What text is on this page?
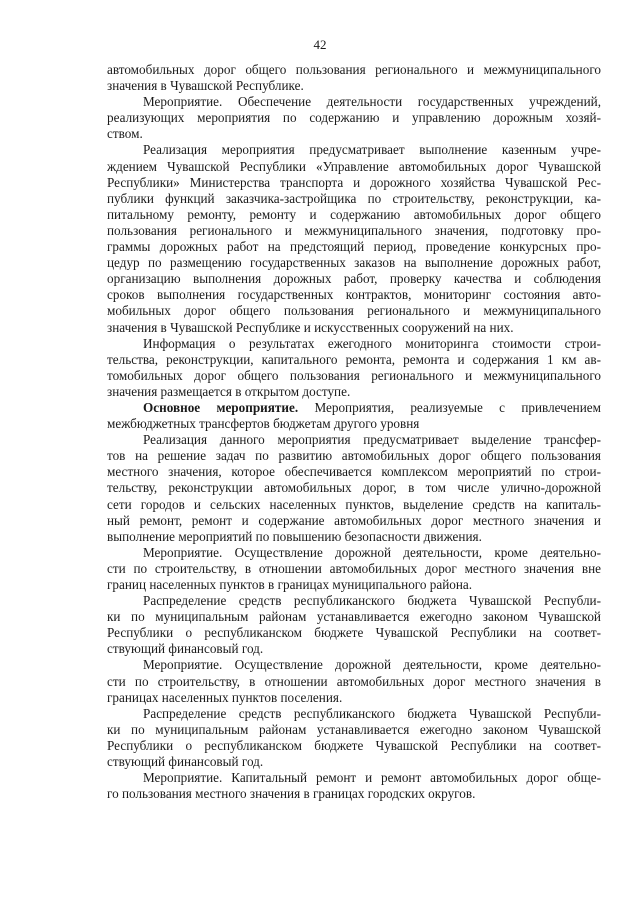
42
автомобильных дорог общего пользования регионального и межмуниципального
значения в Чувашской Республике.
Мероприятие. Обеспечение деятельности государственных учреждений,
реализующих мероприятия по содержанию и управлению дорожным хозяй-
ством.
Реализация мероприятия предусматривает выполнение казенным учре-
ждением Чувашской Республики «Управление автомобильных дорог Чувашской
Республики» Министерства транспорта и дорожного хозяйства Чувашской Рес-
публики функций заказчика-застройщика по строительству, реконструкции, ка-
питальному ремонту, ремонту и содержанию автомобильных дорог общего
пользования регионального и межмуниципального значения, подготовку про-
граммы дорожных работ на предстоящий период, проведение конкурсных про-
цедур по размещению государственных заказов на выполнение дорожных работ,
организацию выполнения дорожных работ, проверку качества и соблюдения
сроков выполнения государственных контрактов, мониторинг состояния авто-
мобильных дорог общего пользования регионального и межмуниципального
значения в Чувашской Республике и искусственных сооружений на них.
Информация о результатах ежегодного мониторинга стоимости строи-
тельства, реконструкции, капитального ремонта, ремонта и содержания 1 км ав-
томобильных дорог общего пользования регионального и межмуниципального
значения размещается в открытом доступе.
Основное мероприятие. Мероприятия, реализуемые с привлечением
межбюджетных трансфертов бюджетам другого уровня
Реализация данного мероприятия предусматривает выделение трансфер-
тов на решение задач по развитию автомобильных дорог общего пользования
местного значения, которое обеспечивается комплексом мероприятий по строи-
тельству, реконструкции автомобильных дорог, в том числе улично-дорожной
сети городов и сельских населенных пунктов, выделение средств на капиталь-
ный ремонт, ремонт и содержание автомобильных дорог местного значения и
выполнение мероприятий по повышению безопасности движения.
Мероприятие. Осуществление дорожной деятельности, кроме деятельно-
сти по строительству, в отношении автомобильных дорог местного значения вне
границ населенных пунктов в границах муниципального района.
Распределение средств республиканского бюджета Чувашской Республи-
ки по муниципальным районам устанавливается ежегодно законом Чувашской
Республики о республиканском бюджете Чувашской Республики на соответ-
ствующий финансовый год.
Мероприятие. Осуществление дорожной деятельности, кроме деятельно-
сти по строительству, в отношении автомобильных дорог местного значения в
границах населенных пунктов поселения.
Распределение средств республиканского бюджета Чувашской Республи-
ки по муниципальным районам устанавливается ежегодно законом Чувашской
Республики о республиканском бюджете Чувашской Республики на соответ-
ствующий финансовый год.
Мероприятие. Капитальный ремонт и ремонт автомобильных дорог обще-
го пользования местного значения в границах городских округов.
